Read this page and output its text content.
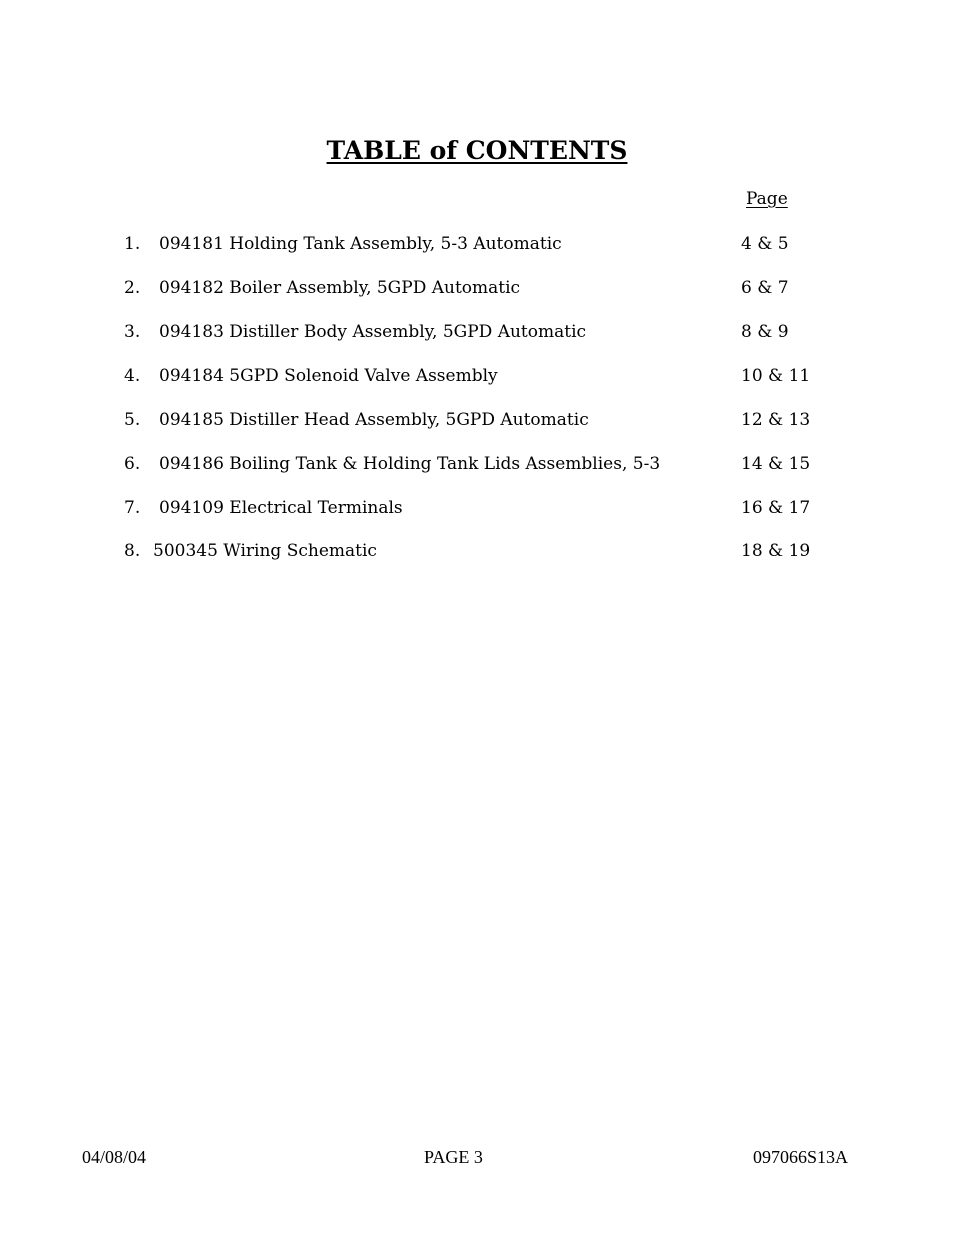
TABLE of CONTENTS
Page
1. 094181 Holding Tank Assembly, 5-3 Automatic	4 & 5
2. 094182 Boiler Assembly, 5GPD Automatic	6 & 7
3. 094183 Distiller Body Assembly, 5GPD Automatic	8 & 9
4. 094184 5GPD Solenoid Valve Assembly	10 & 11
5. 094185 Distiller Head Assembly, 5GPD Automatic	12 & 13
6. 094186 Boiling Tank & Holding Tank Lids Assemblies, 5-3	14 & 15
7. 094109 Electrical Terminals	16 & 17
8. 500345 Wiring Schematic	18 & 19
04/08/04	PAGE 3	097066S13A
